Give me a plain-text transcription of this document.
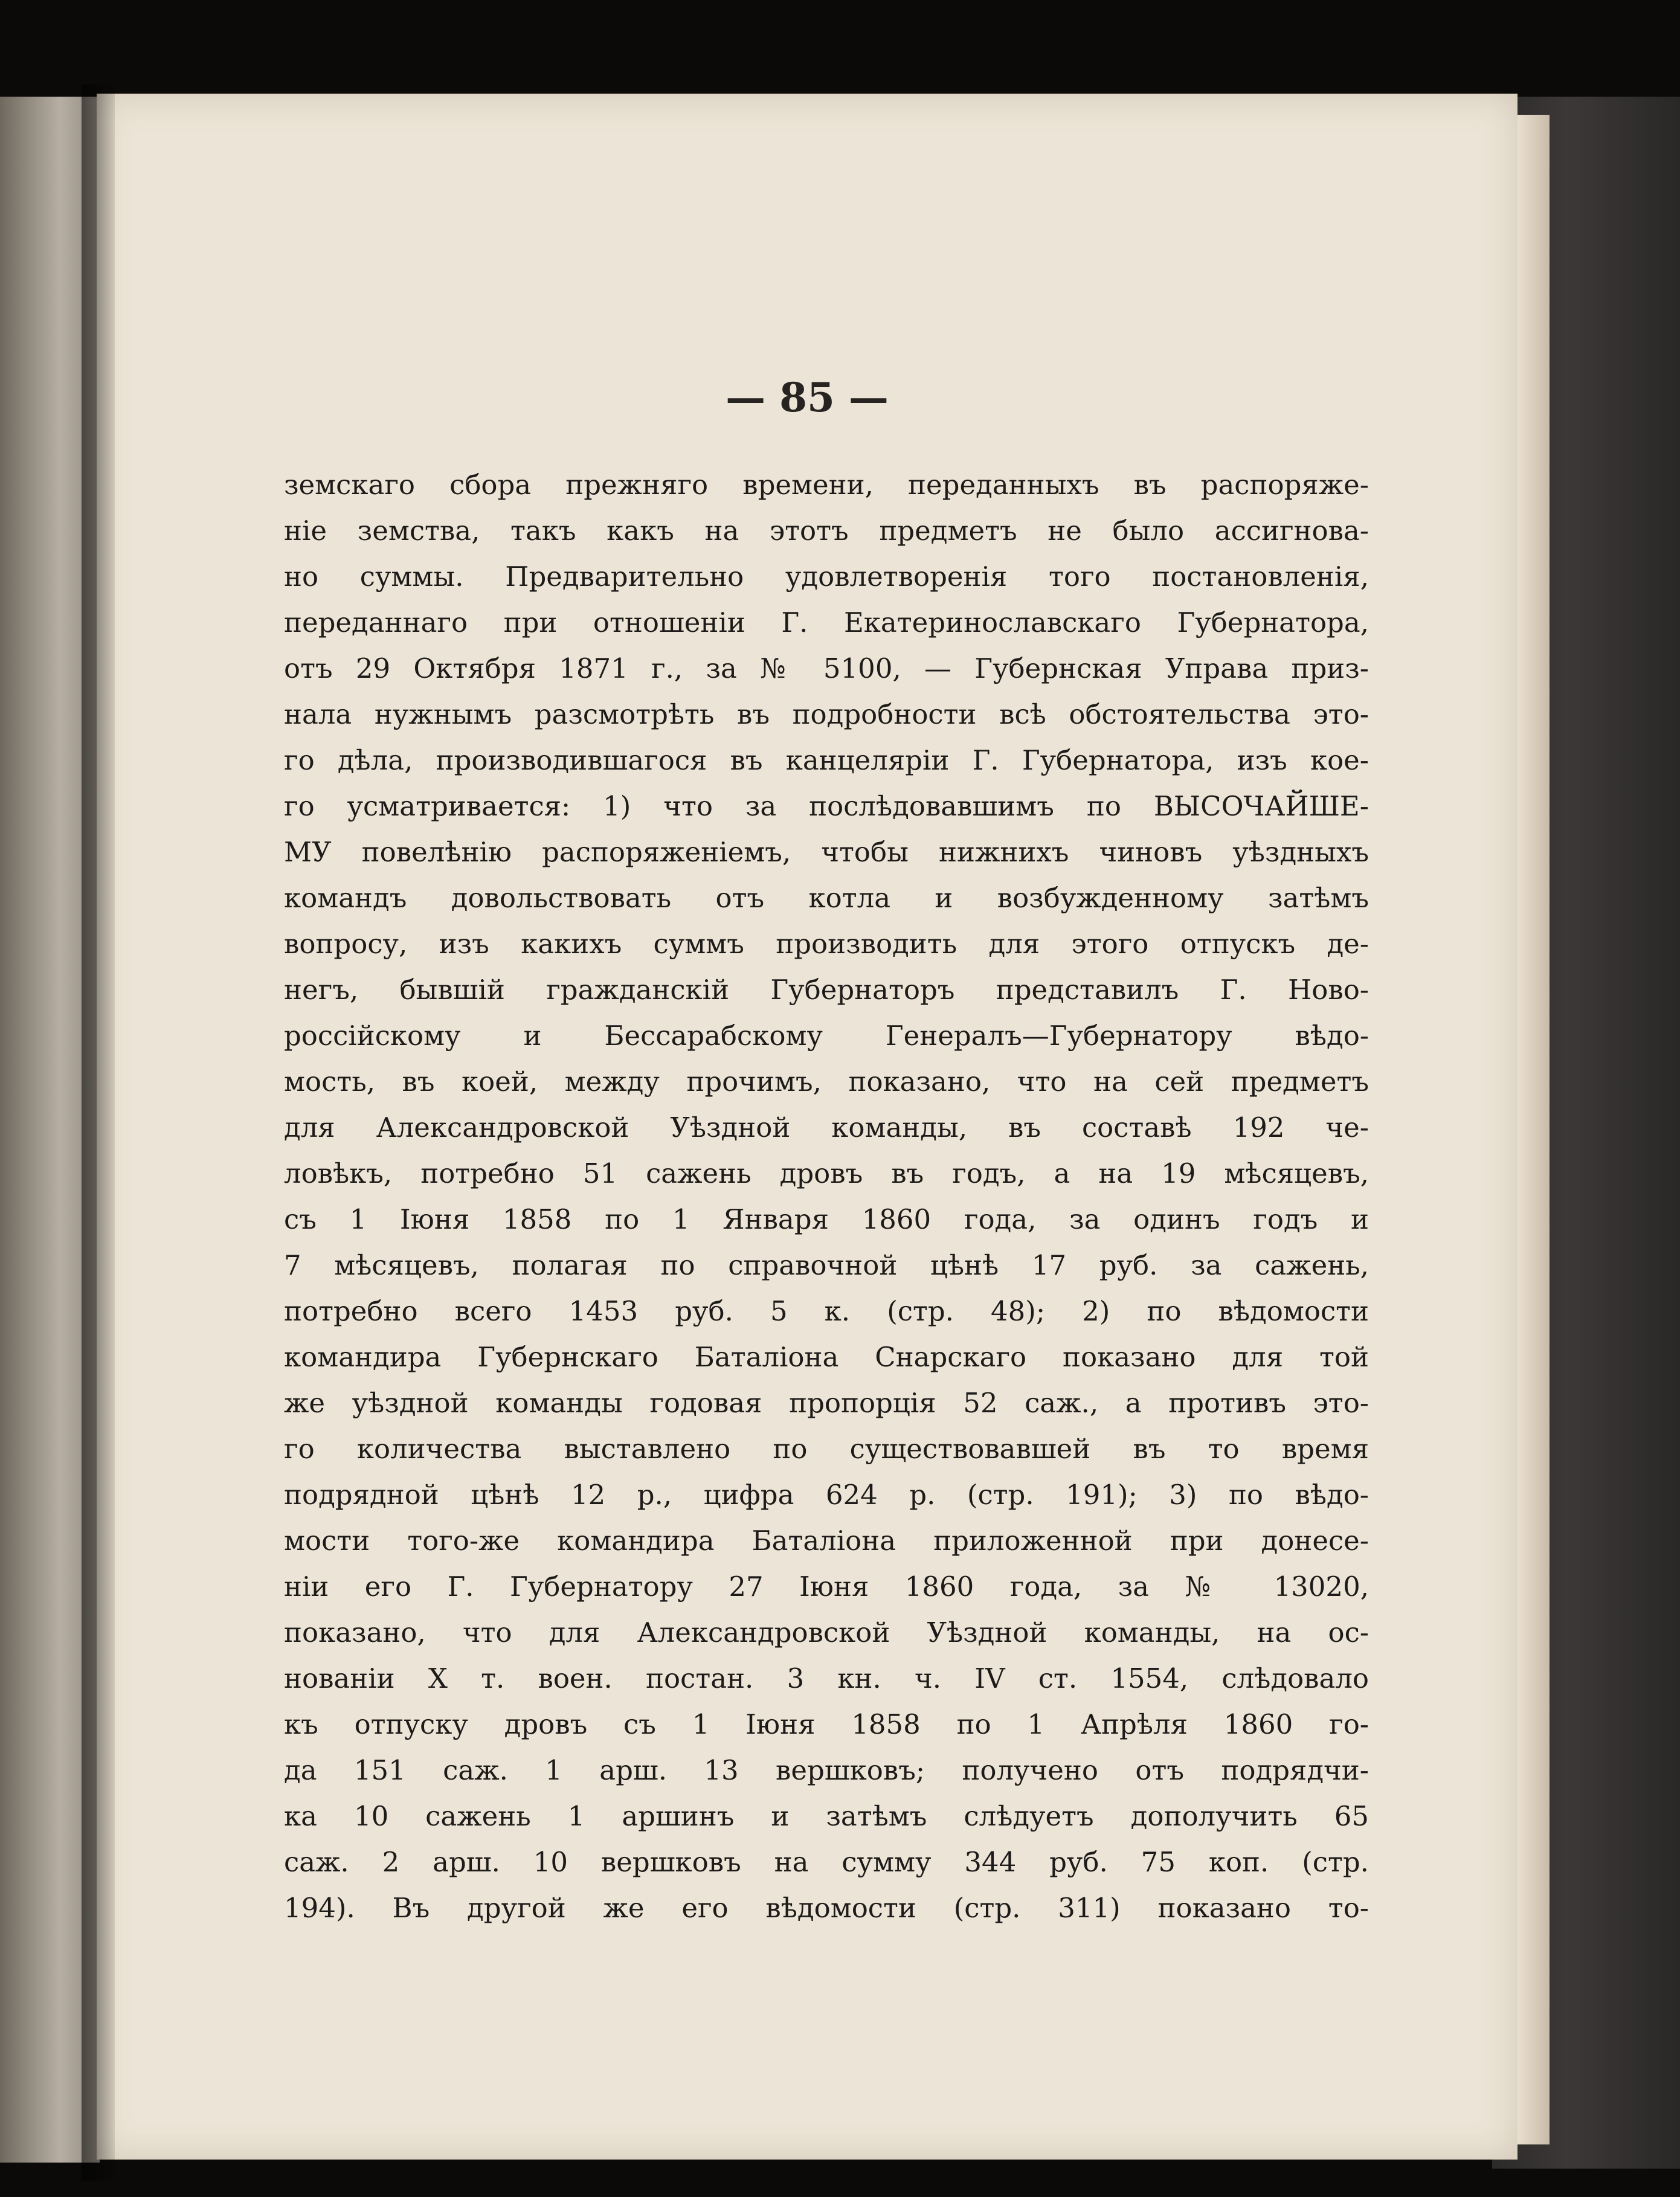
— 85 —

земскаго сбора прежняго времени, переданныхъ въ распоряже-
ніе земства, такъ какъ на этотъ предметъ не было ассигнова-
но суммы. Предварительно удовлетворенія того постановленія,
переданнаго при отношеніи Г. Екатеринославскаго Губернатора,
отъ 29 Октября 1871 г., за № 5100, — Губернская Управа приз-
нала нужнымъ разсмотрѣть въ подробности всѣ обстоятельства это-
го дѣла, производившагося въ канцеляріи Г. Губернатора, изъ кое-
го усматривается: 1) что за послѣдовавшимъ по ВЫСОЧАЙШЕ-
МУ повелѣнію распоряженіемъ, чтобы нижнихъ чиновъ уѣздныхъ
командъ довольствовать отъ котла и возбужденному затѣмъ
вопросу, изъ какихъ суммъ производить для этого отпускъ де-
негъ, бывшій гражданскій Губернаторъ представилъ Г. Ново-
россійскому и Бессарабскому Генералъ—Губернатору вѣдо-
мость, въ коей, между прочимъ, показано, что на сей предметъ
для Александровской Уѣздной команды, въ составѣ 192 че-
ловѣкъ, потребно 51 сажень дровъ въ годъ, а на 19 мѣсяцевъ,
съ 1 Іюня 1858 по 1 Января 1860 года, за одинъ годъ и
7 мѣсяцевъ, полагая по справочной цѣнѣ 17 руб. за сажень,
потребно всего 1453 руб. 5 к. (стр. 48); 2) по вѣдомости
командира Губернскаго Баталіона Снарскаго показано для той
же уѣздной команды годовая пропорція 52 саж., а противъ это-
го количества выставлено по существовавшей въ то время
подрядной цѣнѣ 12 р., цифра 624 р. (стр. 191); 3) по вѣдо-
мости того-же командира Баталіона приложенной при донесе-
ніи его Г. Губернатору 27 Іюня 1860 года, за № 13020,
показано, что для Александровской Уѣздной команды, на ос-
нованіи X т. воен. постан. 3 кн. ч. IV ст. 1554, слѣдовало
къ отпуску дровъ съ 1 Іюня 1858 по 1 Апрѣля 1860 го-
да 151 саж. 1 арш. 13 вершковъ; получено отъ подрядчи-
ка 10 сажень 1 аршинъ и затѣмъ слѣдуетъ дополучить 65
саж. 2 арш. 10 вершковъ на сумму 344 руб. 75 коп. (стр.
194). Въ другой же его вѣдомости (стр. 311) показано то-
